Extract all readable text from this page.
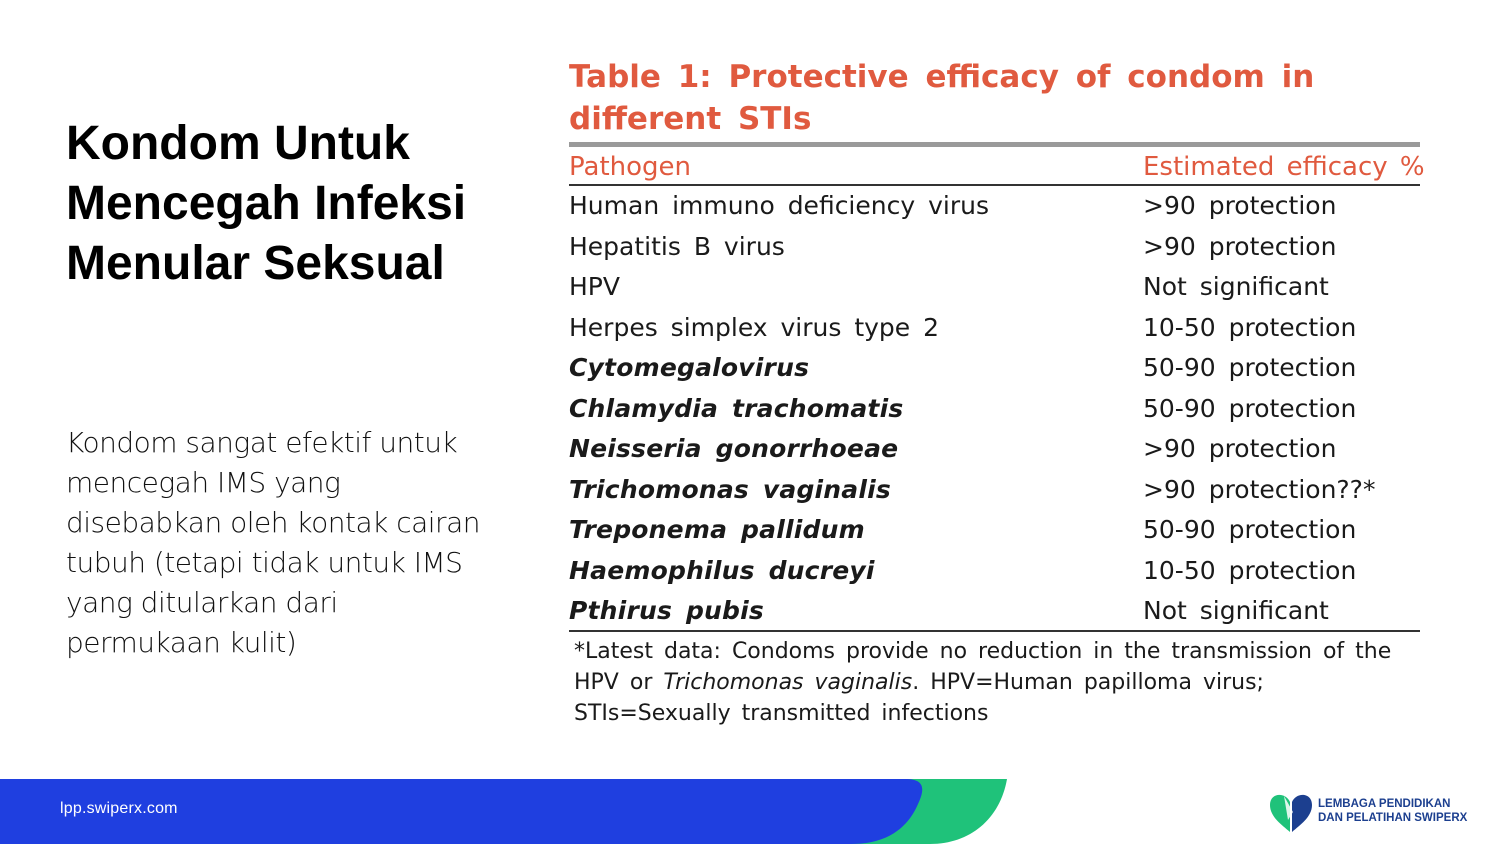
Kondom Untuk Mencegah Infeksi Menular Seksual

Kondom sangat efektif untuk mencegah IMS yang disebabkan oleh kontak cairan tubuh (tetapi tidak untuk IMS yang ditularkan dari permukaan kulit)

Table 1: Protective efficacy of condom in different STIs
Pathogen	Estimated efficacy %
Human immuno deficiency virus	>90 protection
Hepatitis B virus	>90 protection
HPV	Not significant
Herpes simplex virus type 2	10-50 protection
Cytomegalovirus	50-90 protection
Chlamydia trachomatis	50-90 protection
Neisseria gonorrhoeae	>90 protection
Trichomonas vaginalis	>90 protection??*
Treponema pallidum	50-90 protection
Haemophilus ducreyi	10-50 protection
Pthirus pubis	Not significant
*Latest data: Condoms provide no reduction in the transmission of the HPV or Trichomonas vaginalis. HPV=Human papilloma virus; STIs=Sexually transmitted infections
lpp.swiperx.com	LEMBAGA PENDIDIKAN
DAN PELATIHAN SWIPERX
